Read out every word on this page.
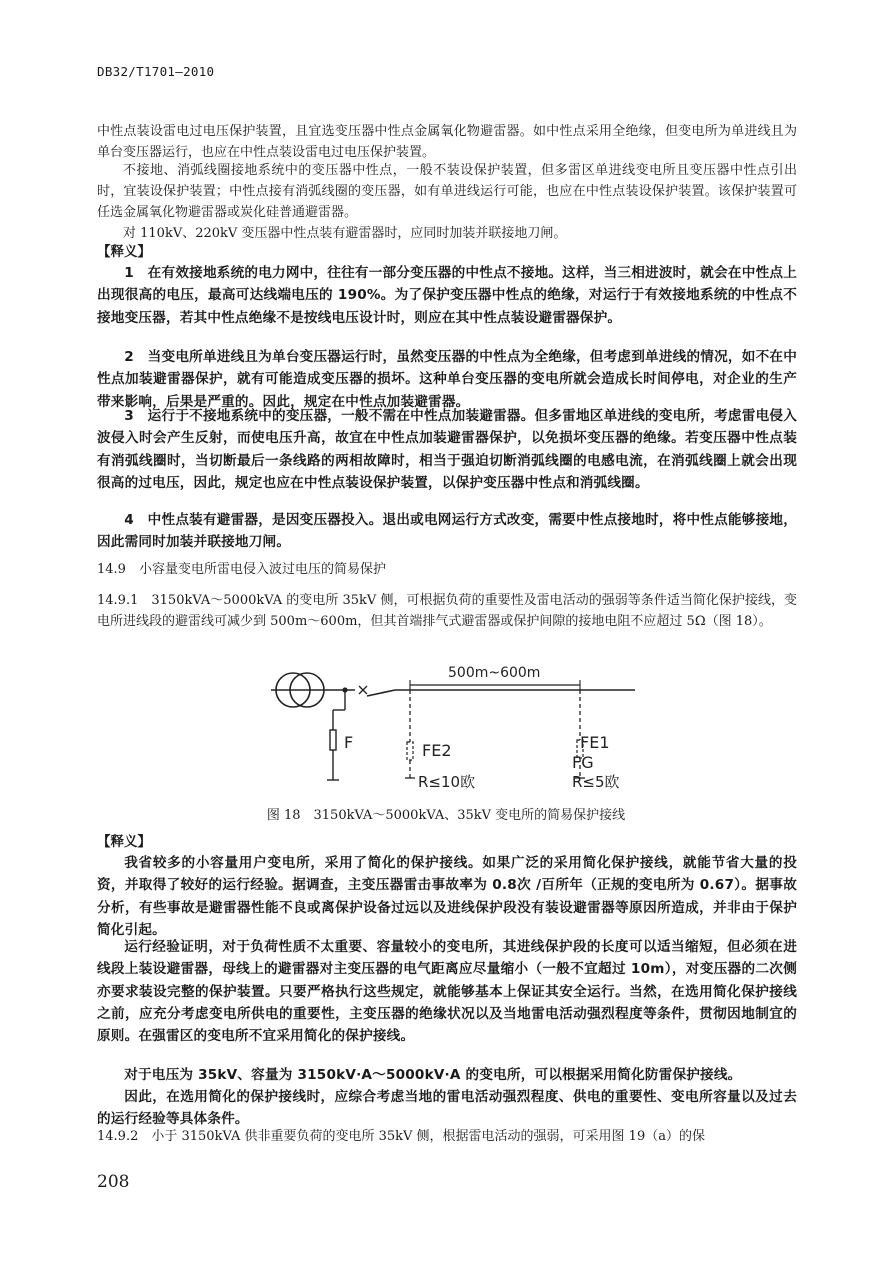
DB32/T1701—2010

中性点装设雷电过电压保护装置，且宜选变压器中性点金属氧化物避雷器。如中性点采用全绝缘，但变电所为单进线且为单台变压器运行，也应在中性点装设雷电过电压保护装置。

不接地、消弧线圈接地系统中的变压器中性点，一般不装设保护装置，但多雷区单进线变电所且变压器中性点引出时，宜装设保护装置；中性点接有消弧线圈的变压器，如有单进线运行可能，也应在中性点装设保护装置。该保护装置可任选金属氧化物避雷器或炭化硅普通避雷器。

对 110kV、220kV 变压器中性点装有避雷器时，应同时加装并联接地刀闸。

【释义】

1　在有效接地系统的电力网中，往往有一部分变压器的中性点不接地。这样，当三相进波时，就会在中性点上出现很高的电压，最高可达线端电压的 190%。为了保护变压器中性点的绝缘，对运行于有效接地系统的中性点不接地变压器，若其中性点绝缘不是按线电压设计时，则应在其中性点装设避雷器保护。

2　当变电所单进线且为单台变压器运行时，虽然变压器的中性点为全绝缘，但考虑到单进线的情况，如不在中性点加装避雷器保护，就有可能造成变压器的损坏。这种单台变压器的变电所就会造成长时间停电，对企业的生产带来影响，后果是严重的。因此，规定在中性点加装避雷器。

3　运行于不接地系统中的变压器，一般不需在中性点加装避雷器。但多雷地区单进线的变电所，考虑雷电侵入波侵入时会产生反射，而使电压升高，故宜在中性点加装避雷器保护，以免损坏变压器的绝缘。若变压器中性点装有消弧线圈时，当切断最后一条线路的两相故障时，相当于强迫切断消弧线圈的电感电流，在消弧线圈上就会出现很高的过电压，因此，规定也应在中性点装设保护装置，以保护变压器中性点和消弧线圈。

4　中性点装有避雷器，是因变压器投入。退出或电网运行方式改变，需要中性点接地时，将中性点能够接地，因此需同时加装并联接地刀闸。

14.9　小容量变电所雷电侵入波过电压的简易保护

14.9.1　3150kVA～5000kVA 的变电所 35kV 侧，可根据负荷的重要性及雷电活动的强弱等条件适当简化保护接线，变电所进线段的避雷线可减少到 500m～600m，但其首端排气式避雷器或保护间隙的接地电阻不应超过 5Ω（图 18）。

F
500m~600m
FE2
R≤10欧
FE1
FG
R≤5欧
图 18　3150kVA～5000kVA、35kV 变电所的简易保护接线

【释义】

我省较多的小容量用户变电所，采用了简化的保护接线。如果广泛的采用简化保护接线，就能节省大量的投资，并取得了较好的运行经验。据调查，主变压器雷击事故率为 0.8次 /百所年（正规的变电所为 0.67）。据事故分析，有些事故是避雷器性能不良或离保护设备过远以及进线保护段没有装设避雷器等原因所造成，并非由于保护简化引起。

运行经验证明，对于负荷性质不太重要、容量较小的变电所，其进线保护段的长度可以适当缩短，但必须在进线段上装设避雷器，母线上的避雷器对主变压器的电气距离应尽量缩小（一般不宜超过 10m），对变压器的二次侧亦要求装设完整的保护装置。只要严格执行这些规定，就能够基本上保证其安全运行。当然，在选用简化保护接线之前，应充分考虑变电所供电的重要性，主变压器的绝缘状况以及当地雷电活动强烈程度等条件，贯彻因地制宜的原则。在强雷区的变电所不宜采用简化的保护接线。

对于电压为 35kV、容量为 3150kV·A～5000kV·A 的变电所，可以根据采用简化防雷保护接线。

因此，在选用简化的保护接线时，应综合考虑当地的雷电活动强烈程度、供电的重要性、变电所容量以及过去的运行经验等具体条件。

14.9.2　小于 3150kVA 供非重要负荷的变电所 35kV 侧，根据雷电活动的强弱，可采用图 19（a）的保

208
